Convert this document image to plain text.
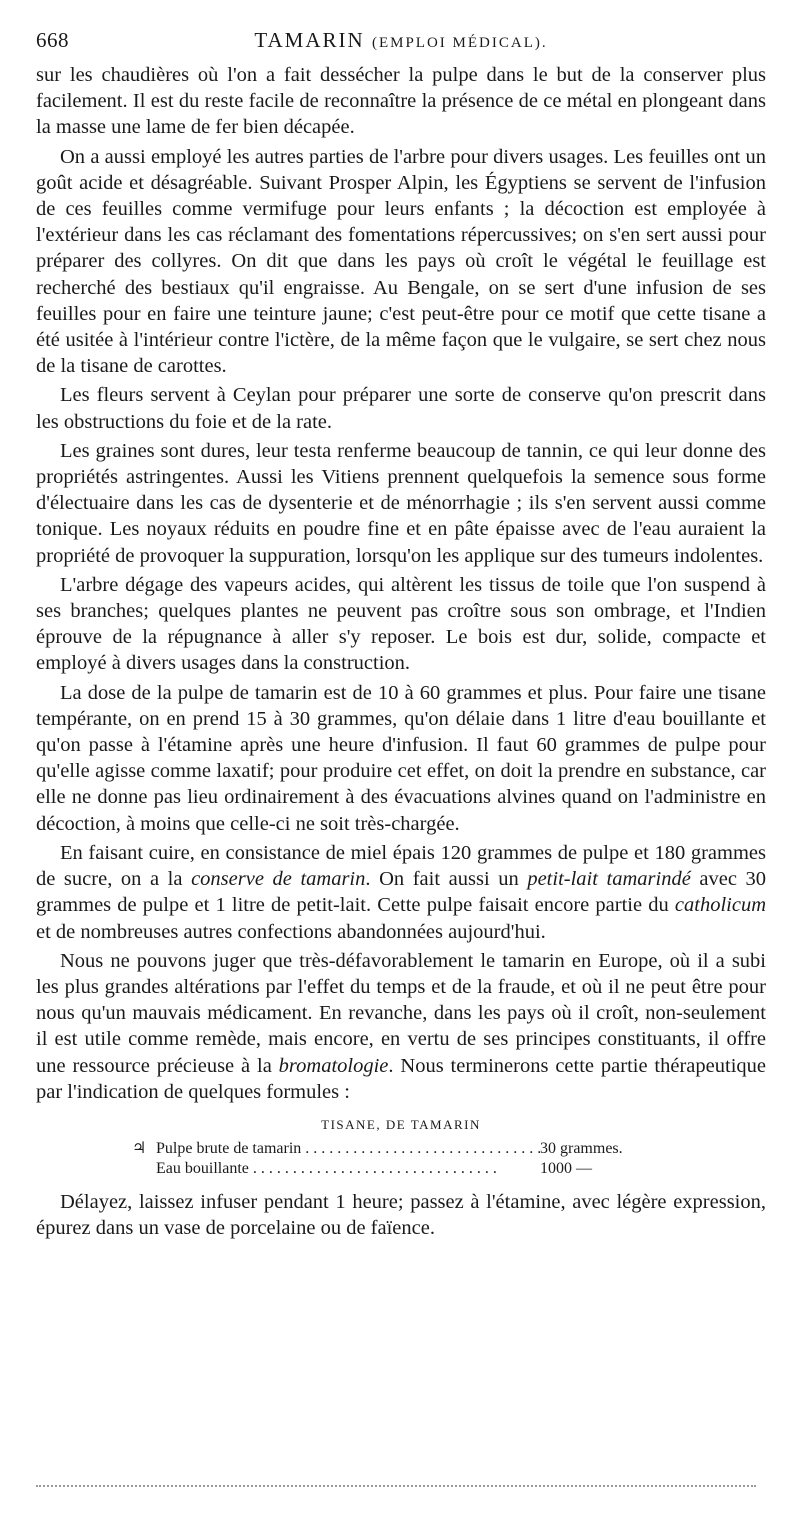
668	TAMARIN (EMPLOI MÉDICAL).

sur les chaudières où l'on a fait dessécher la pulpe dans le but de la conserver plus facilement. Il est du reste facile de reconnaître la présence de ce métal en plongeant dans la masse une lame de fer bien décapée.

On a aussi employé les autres parties de l'arbre pour divers usages. Les feuilles ont un goût acide et désagréable. Suivant Prosper Alpin, les Égyptiens se servent de l'infusion de ces feuilles comme vermifuge pour leurs enfants ; la décoction est employée à l'extérieur dans les cas réclamant des fomentations répercussives; on s'en sert aussi pour préparer des collyres. On dit que dans les pays où croît le végétal le feuillage est recherché des bestiaux qu'il engraisse. Au Bengale, on se sert d'une infusion de ses feuilles pour en faire une teinture jaune; c'est peut-être pour ce motif que cette tisane a été usitée à l'intérieur contre l'ictère, de la même façon que le vulgaire, se sert chez nous de la tisane de carottes.

Les fleurs servent à Ceylan pour préparer une sorte de conserve qu'on prescrit dans les obstructions du foie et de la rate.

Les graines sont dures, leur testa renferme beaucoup de tannin, ce qui leur donne des propriétés astringentes. Aussi les Vitiens prennent quelquefois la semence sous forme d'électuaire dans les cas de dysenterie et de ménorrhagie ; ils s'en servent aussi comme tonique. Les noyaux réduits en poudre fine et en pâte épaisse avec de l'eau auraient la propriété de provoquer la suppuration, lorsqu'on les applique sur des tumeurs indolentes.

L'arbre dégage des vapeurs acides, qui altèrent les tissus de toile que l'on suspend à ses branches; quelques plantes ne peuvent pas croître sous son ombrage, et l'Indien éprouve de la répugnance à aller s'y reposer. Le bois est dur, solide, compacte et employé à divers usages dans la construction.

La dose de la pulpe de tamarin est de 10 à 60 grammes et plus. Pour faire une tisane tempérante, on en prend 15 à 30 grammes, qu'on délaie dans 1 litre d'eau bouillante et qu'on passe à l'étamine après une heure d'infusion. Il faut 60 grammes de pulpe pour qu'elle agisse comme laxatif; pour produire cet effet, on doit la prendre en substance, car elle ne donne pas lieu ordinairement à des évacuations alvines quand on l'administre en décoction, à moins que celle-ci ne soit très-chargée.

En faisant cuire, en consistance de miel épais 120 grammes de pulpe et 180 grammes de sucre, on a la conserve de tamarin. On fait aussi un petit-lait tamarindé avec 30 grammes de pulpe et 1 litre de petit-lait. Cette pulpe faisait encore partie du catholicum et de nombreuses autres confections abandonnées aujourd'hui.

Nous ne pouvons juger que très-défavorablement le tamarin en Europe, où il a subi les plus grandes altérations par l'effet du temps et de la fraude, et où il ne peut être pour nous qu'un mauvais médicament. En revanche, dans les pays où il croît, non-seulement il est utile comme remède, mais encore, en vertu de ses principes constituants, il offre une ressource précieuse à la bromatologie. Nous terminerons cette partie thérapeutique par l'indication de quelques formules :

TISANE, DE TAMARIN
♃ Pulpe brute de tamarin . . .	30 grammes.
Eau bouillante . . .	1000 —

Délayez, laissez infuser pendant 1 heure; passez à l'étamine, avec légère expression, épurez dans un vase de porcelaine ou de faïence.
